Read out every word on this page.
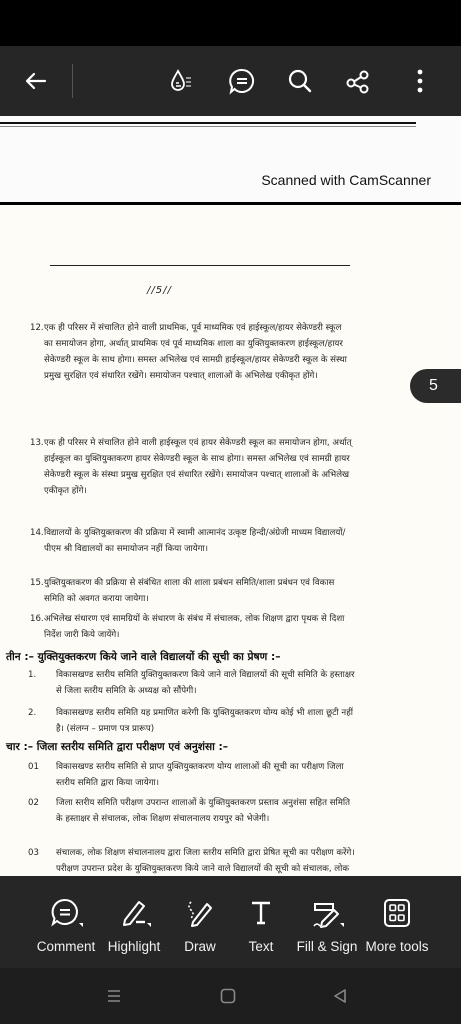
Scanned with CamScanner
//5//
12. एक ही परिसर में संचालित होने वाली प्राथमिक, पूर्व माध्यमिक एवं हाईस्कूल/हायर सेकेण्डरी स्कूल का समायोजन होगा, अर्थात् प्राथमिक एवं पूर्व माध्यमिक शाला का युक्तियुक्तकरण हाईस्कूल/हायर सेकेण्डरी स्कूल के साथ होगा। समस्त अभिलेख एवं सामग्री हाईस्कूल/हायर सेकेण्डरी स्कूल के संस्था प्रमुख सुरक्षित एवं संधारित रखेंगे। समायोजन पश्चात् शालाओं के अभिलेख एकीकृत होंगे।
13. एक ही परिसर मे संचालित होने वाली हाईस्कूल एवं हायर सेकेण्डरी स्कूल का समायोजन होगा, अर्थात् हाईस्कूल का युक्तियुक्तकरण हायर सेकेण्डरी स्कूल के साथ होगा। समस्त अभिलेख एवं सामग्री हायर सेकेण्डरी स्कूल के संस्था प्रमुख सुरक्षित एवं संधारित रखेंगे। समायोजन पश्चात् शालाओं के अभिलेख एकीकृत होंगे।
14. विद्यालयों के युक्तियुक्तकरण की प्रक्रिया में स्वामी आत्मानंद उत्कृष्ट हिन्दी/अंग्रेजी माध्यम विद्यालयों/पीएम श्री विद्यालयों का समायोजन नहीं किया जायेगा।
15. युक्तियुक्तकरण की प्रक्रिया से संबंधित शाला की शाला प्रबंधन समिति/शाला प्रबंधन एवं विकास समिति को अवगत कराया जायेगा।
16. अभिलेख संधारण एवं सामग्रियों के संधारण के संबंध में संचालक, लोक शिक्षण द्वारा पृथक से दिशा निर्देश जारी किये जायेंगे।
तीन :– युक्तियुक्तकरण किये जाने वाले विद्यालयों की सूची का प्रेषण :–
1.	विकासखण्ड स्तरीय समिति युक्तियुक्तकरण किये जाने वाले विद्यालयों की सूची समिति के हस्ताक्षर से जिला स्तरीय समिति के अध्यक्ष को सौंपेगी।
2.	विकासखण्ड स्तरीय समिति यह प्रमाणित करेगी कि युक्तियुक्तकरण योग्य कोई भी शाला छूटी नहीं है। (संलग्न – प्रमाण पत्र प्रारूप)
चार :– जिला स्तरीय समिति द्वारा परीक्षण एवं अनुशंसा :–
01	विकासखण्ड स्तरीय समिति से प्राप्त युक्तियुक्तकरण योग्य शालाओं की सूची का परीक्षण जिला स्तरीय समिति द्वारा किया जायेगा।
02	जिला स्तरीय समिति परीक्षण उपरान्त शालाओं के युक्तियुक्तकरण प्रस्ताव अनुशंसा सहित समिति के हस्ताक्षर से संचालक, लोक शिक्षण संचालनालय रायपुर को भेजेगी।
03	संचालक, लोक शिक्षण संचालनालय द्वारा जिला स्तरीय समिति द्वारा प्रेषित सूची का परीक्षण करेंगे। परीक्षण उपरान्त प्रदेश के युक्तियुक्तकरण किये जाने वाले विद्यालयों की सूची को संचालक, लोक
5
Comment Highlight	Draw	Text	Fill & Sign More tools
